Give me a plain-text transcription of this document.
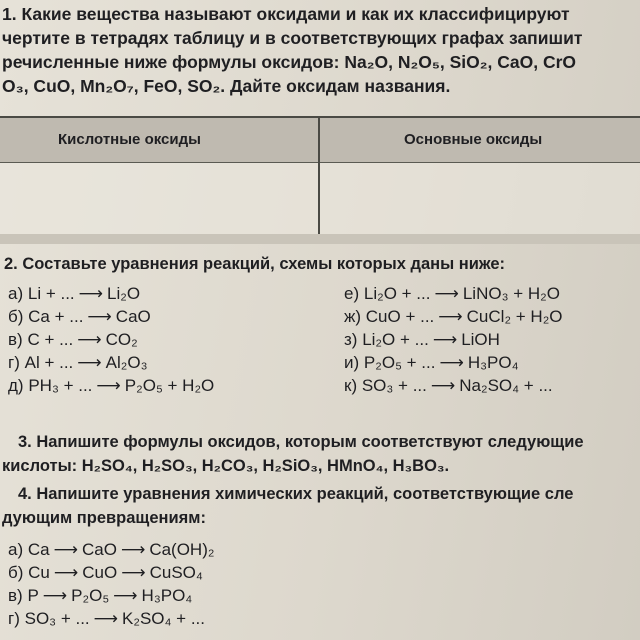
1. Какие вещества называют оксидами и как их классифицируют
чертите в тетрадях таблицу и в соответствующих графах запишит
речисленные ниже формулы оксидов: Na₂O, N₂O₅, SiO₂, CaO, CrO
O₃, CuO, Mn₂O₇, FeO, SO₂. Дайте оксидам названия.
Кислотные оксиды	Основные оксиды
2. Составьте уравнения реакций, схемы которых даны ниже:
а) Li + ... ⟶ Li₂O
б) Ca + ... ⟶ CaO
в) C + ... ⟶ CO₂
г) Al + ... ⟶ Al₂O₃
д) PH₃ + ... ⟶ P₂O₅ + H₂O
е) Li₂O + ... ⟶ LiNO₃ + H₂O
ж) CuO + ... ⟶ CuCl₂ + H₂O
з) Li₂O + ... ⟶ LiOH
и) P₂O₅ + ... ⟶ H₃PO₄
к) SO₃ + ... ⟶ Na₂SO₄ + ...
3. Напишите формулы оксидов, которым соответствуют следующие
кислоты: H₂SO₄, H₂SO₃, H₂CO₃, H₂SiO₃, HMnO₄, H₃BO₃.
4. Напишите уравнения химических реакций, соответствующие сле
дующим превращениям:
а) Ca ⟶ CaO ⟶ Ca(OH)₂
б) Cu ⟶ CuO ⟶ CuSO₄
в) P ⟶ P₂O₅ ⟶ H₃PO₄
г) SO₃ + ... ⟶ K₂SO₄ + ...
